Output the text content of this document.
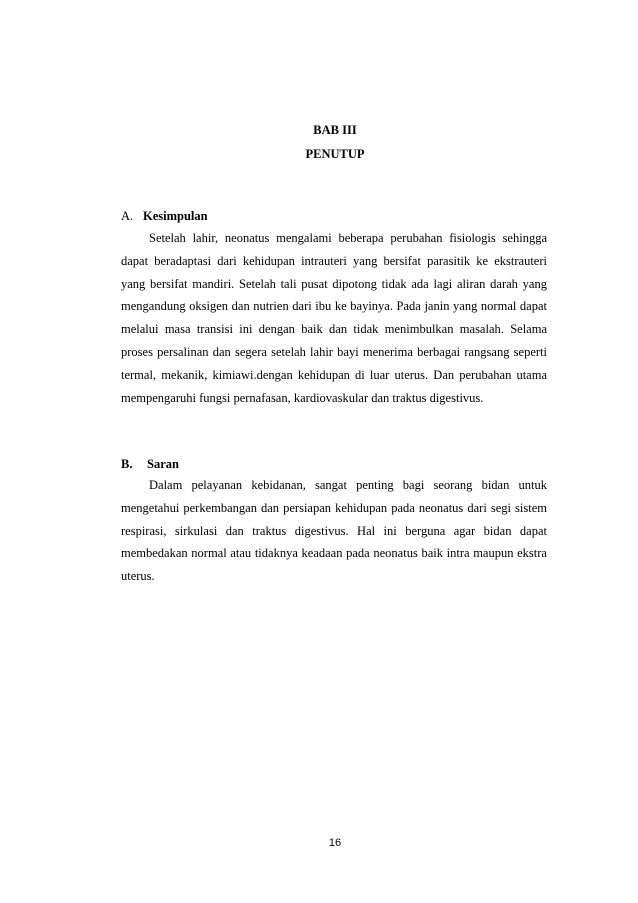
BAB III
PENUTUP
A. Kesimpulan

Setelah lahir, neonatus mengalami beberapa perubahan fisiologis sehingga dapat beradaptasi dari kehidupan intrauteri yang bersifat parasitik ke ekstrauteri yang bersifat mandiri. Setelah tali pusat dipotong tidak ada lagi aliran darah yang mengandung oksigen dan nutrien dari ibu ke bayinya. Pada janin yang normal dapat melalui masa transisi ini dengan baik dan tidak menimbulkan masalah. Selama proses persalinan dan segera setelah lahir bayi menerima berbagai rangsang seperti termal, mekanik, kimiawi.dengan kehidupan di luar uterus. Dan perubahan utama mempengaruhi fungsi pernafasan, kardiovaskular dan traktus digestivus.

B. Saran

Dalam pelayanan kebidanan, sangat penting bagi seorang bidan untuk mengetahui perkembangan dan persiapan kehidupan pada neonatus dari segi sistem respirasi, sirkulasi dan traktus digestivus. Hal ini berguna agar bidan dapat membedakan normal atau tidaknya keadaan pada neonatus baik intra maupun ekstra uterus.

16
